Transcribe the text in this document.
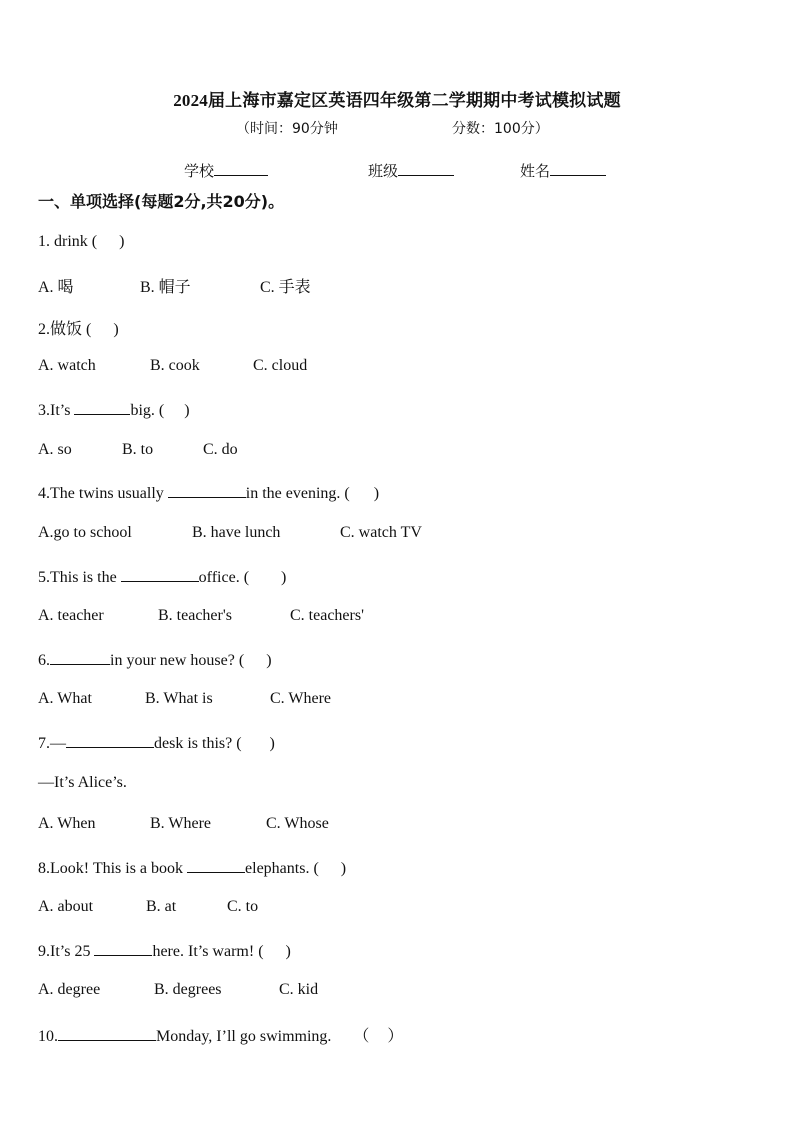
2024届上海市嘉定区英语四年级第二学期期中考试模拟试题
（时间：90分钟	分数：100分）
学校	班级	姓名
一、单项选择(每题2分,共20分)。
1. drink ( )
A. 喝	B. 帽子	C. 手表
2.做饭 ( )
A. watch	B. cook	C. cloud
3.It’s	big. ( )
A. so	B. to	C. do
4.The twins usually	in the evening. ( )
A.go to school	B. have lunch	C. watch TV
5.This is the	office. ( )
A. teacher	B. teacher's	C. teachers'
6.	in your new house? ( )
A. What	B. What is	C. Where
7.—	desk is this? ( )
—It’s Alice’s.
A. When	B. Where	C. Whose
8.Look! This is a book	elephants. ( )
A. about	B. at	C. to
9.It’s 25	here. It’s warm! ( )
A. degree	B. degrees	C. kid
10.	Monday, I’ll go swimming. （ ）
